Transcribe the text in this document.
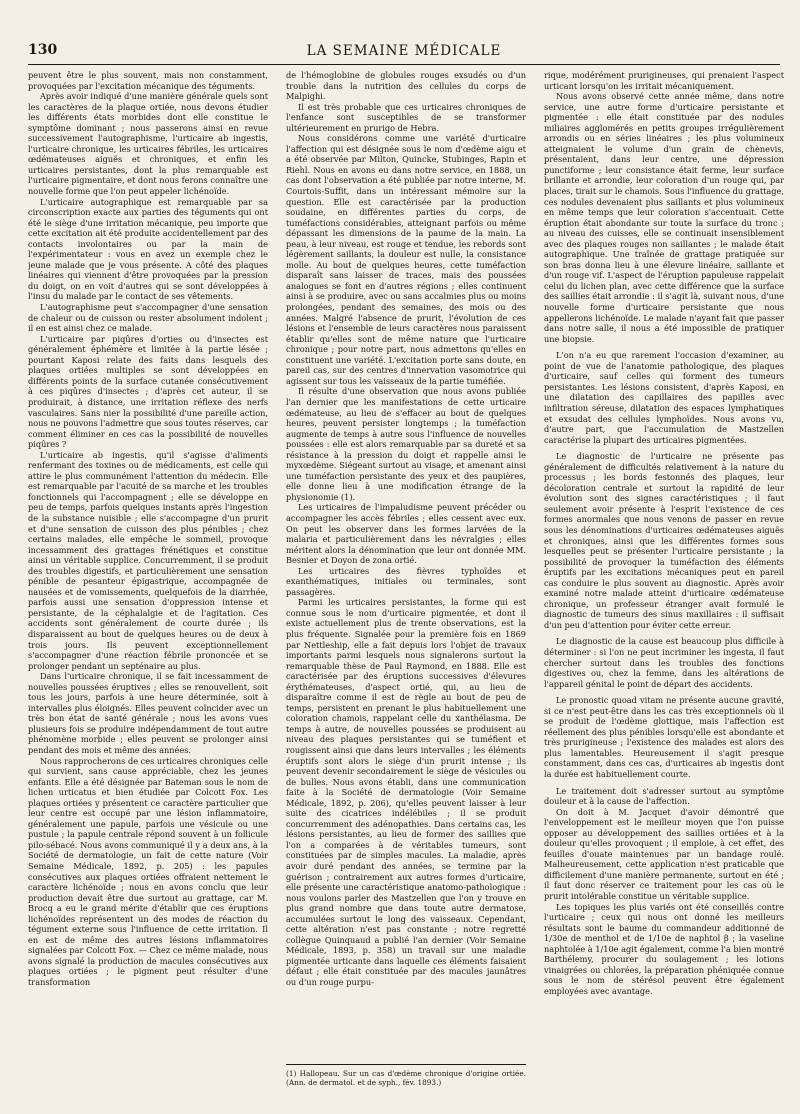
130	LA SEMAINE MÉDICALE

peuvent être le plus souvent, mais non constamment, provoquées par l'excitation mécanique des téguments.

Après avoir indiqué d'une manière générale quels sont les caractères de la plaque ortiée, nous devons étudier les différents états morbides dont elle constitue le symptôme dominant ; nous passerons ainsi en revue successivement l'autographisme, l'urticaire ab ingestis, l'urticaire chronique, les urticaires fébriles, les urticaires œdémateuses aiguës et chroniques, et enfin les urticaires persistantes, dont la plus remarquable est l'urticaire pigmentaire, et dont nous ferons connaître une nouvelle forme que l'on peut appeler lichénoïde.

L'urticaire autographique est remarquable par sa circonscription exacte aux parties des téguments qui ont été le siège d'une irritation mécanique, peu importe que cette excitation ait été produite accidentellement par des contacts involontaires ou par la main de l'expérimentateur : vous en avez un exemple chez le jeune malade que je vous présente. A côté des plaques linéaires qui viennent d'être provoquées par la pression du doigt, on en voit d'autres qui se sont développées à l'insu du malade par le contact de ses vêtements.

L'autographisme peut s'accompagner d'une sensation de chaleur ou de cuisson ou rester absolument indolent ; il en est ainsi chez ce malade.

L'urticaire par piqûres d'orties ou d'insectes est généralement éphémère et limitée à la partie lésée ; pourtant Kaposi relate des faits dans lesquels des plaques ortiées multiples se sont développées en différents points de la surface cutanée consécutivement à ces piqûres d'insectes ; d'après cet auteur, il se produirait, à distance, une irritation réflexe des nerfs vasculaires. Sans nier la possibilité d'une pareille action, nous ne pouvons l'admettre que sous toutes réserves, car comment éliminer en ces cas la possibilité de nouvelles piqûres ?

L'urticaire ab ingestis, qu'il s'agisse d'aliments renfermant des toxines ou de médicaments, est celle qui attire le plus communément l'attention du médecin. Elle est remarquable par l'acuité de sa marche et les troubles fonctionnels qui l'accompagnent ; elle se développe en peu de temps, parfois quelques instants après l'ingestion de la substance nuisible ; elle s'accompagne d'un prurit et d'une sensation de cuisson des plus pénibles ; chez certains malades, elle empêche le sommeil, provoque incessamment des grattages frénétiques et constitue ainsi un véritable supplice. Concurremment, il se produit des troubles digestifs, et particulièrement une sensation pénible de pesanteur épigastrique, accompagnée de nausées et de vomissements, quelquefois de la diarrhée, parfois aussi une sensation d'oppression intense et persistante, de la céphalalgie et de l'agitation. Ces accidents sont généralement de courte durée ; ils disparaissent au bout de quelques heures ou de deux à trois jours. Ils peuvent exceptionnellement s'accompagner d'une réaction fébrile prononcée et se prolonger pendant un septénaire au plus.

Dans l'urticaire chronique, il se fait incessamment de nouvelles poussées éruptives ; elles se renouvellent, soit tous les jours, parfois à une heure déterminée, soit à intervalles plus éloignés. Elles peuvent coïncider avec un très bon état de santé générale ; nous les avons vues plusieurs fois se produire indépendamment de tout autre phénomène morbide ; elles peuvent se prolonger ainsi pendant des mois et même des années.

Nous rapprocherons de ces urticaires chroniques celle qui survient, sans cause appréciable, chez les jeunes enfants. Elle a été désignée par Bateman sous le nom de lichen urticatus et bien étudiée par Colcott Fox. Les plaques ortiées y présentent ce caractère particulier que leur centre est occupé par une lésion inflammatoire, généralement une papule, parfois une vésicule ou une pustule ; la papule centrale répond souvent à un follicule pilo-sébacé. Nous avons communiqué il y a deux ans, à la Société de dermatologie, un fait de cette nature (Voir Semaine Médicale, 1892, p. 205) : les papules consécutives aux plaques ortiées offraient nettement le caractère lichénoïde ; nous en avons conclu que leur production devait être due surtout au grattage, car M. Brocq a eu le grand mérite d'établir que ces éruptions lichénoïdes représentent un des modes de réaction du tégument externe sous l'influence de cette irritation. Il en est de même des autres lésions inflammatoires signalées par Colcott Fox. — Chez ce même malade, nous avons signalé la production de macules consécutives aux plaques ortiées ; le pigment peut résulter d'une transformation

de l'hémoglobine de globules rouges exsudés ou d'un trouble dans la nutrition des cellules du corps de Malpighi.

Il est très probable que ces urticaires chroniques de l'enfance sont susceptibles de se transformer ultérieurement en prurigo de Hebra.

Nous considérons comme une variété d'urticaire l'affection qui est désignée sous le nom d'œdème aigu et a été observée par Milton, Quincke, Stubinges, Rapin et Riehl. Nous en avons eu dans notre service, en 1888, un cas dont l'observation a été publiée par notre interne, M. Courtois-Suffit, dans un intéressant mémoire sur la question. Elle est caractérisée par la production soudaine, en différentes parties du corps, de tuméfactions considérables, atteignant parfois ou même dépassant les dimensions de la paume de la main. La peau, à leur niveau, est rouge et tendue, les rebords sont légèrement saillants, la douleur est nulle, la consistance molle. Au bout de quelques heures, cette tuméfaction disparaît sans laisser de traces, mais des poussées analogues se font en d'autres régions ; elles continuent ainsi à se produire, avec ou sans accalmies plus ou moins prolongées, pendant des semaines, des mois ou des années. Malgré l'absence de prurit, l'évolution de ces lésions et l'ensemble de leurs caractères nous paraissent établir qu'elles sont de même nature que l'urticaire chronique ; pour notre part, nous admettons qu'elles en constituent une variété. L'excitation porte sans doute, en pareil cas, sur des centres d'innervation vasomotrice qui agissent sur tous les vaisseaux de la partie tuméfiée.

Il résulte d'une observation que nous avons publiée l'an dernier que les manifestations de cette urticaire œdémateuse, au lieu de s'effacer au bout de quelques heures, peuvent persister longtemps ; la tuméfaction augmente de temps à autre sous l'influence de nouvelles poussées : elle est alors remarquable par sa dureté et sa résistance à la pression du doigt et rappelle ainsi le myxœdème. Siégeant surtout au visage, et amenant ainsi une tuméfaction persistante des yeux et des paupières, elle donne lieu à une modification étrange de la physionomie (1).

Les urticaires de l'impaludisme peuvent précéder ou accompagner les accès fébriles ; elles cessent avec eux. On peut les observer dans les formes larvées de la malaria et particulièrement dans les névralgies ; elles méritent alors la dénomination que leur ont donnée MM. Besnier et Doyon de zona ortié.

Les urticaires des fièvres typhoïdes et exanthématiques, initiales ou terminales, sont passagères.

Parmi les urticaires persistantes, la forme qui est connue sous le nom d'urticaire pigmentée, et dont il existe actuellement plus de trente observations, est la plus fréquente. Signalée pour la première fois en 1869 par Nettleship, elle a fait depuis lors l'objet de travaux importants parmi lesquels nous signalerons surtout la remarquable thèse de Paul Raymond, en 1888. Elle est caractérisée par des éruptions successives d'élevures érythémateuses, d'aspect ortié, qui, au lieu de disparaître comme il est de règle au bout de peu de temps, persistent en prenant le plus habituellement une coloration chamois, rappelant celle du xanthélasma. De temps à autre, de nouvelles poussées se produisent au niveau des plaques persistantes qui se tuméfient et rougissent ainsi que dans leurs intervalles ; les éléments éruptifs sont alors le siège d'un prurit intense ; ils peuvent devenir secondairement le siège de vésicules ou de bulles. Nous avons établi, dans une communication faite à la Société de dermatologie (Voir Semaine Médicale, 1892, p. 206), qu'elles peuvent laisser à leur suite des cicatrices indélébiles ; il se produit concurremment des adénopathies. Dans certains cas, les lésions persistantes, au lieu de former des saillies que l'on a comparées à de véritables tumeurs, sont constituées par de simples macules. La maladie, après avoir duré pendant des années, se termine par la guérison ; contrairement aux autres formes d'urticaire, elle présente une caractéristique anatomo-pathologique : nous voulons parler des Mastzellen que l'on y trouve en plus grand nombre que dans toute autre dermatose, accumulées surtout le long des vaisseaux. Cependant, cette altération n'est pas constante ; notre regretté collègue Quinquaud a publié l'an dernier (Voir Semaine Médicale, 1893, p. 358) un travail sur une maladie pigmentée urticante dans laquelle ces éléments faisaient défaut ; elle était constituée par des macules jaunâtres ou d'un rouge purpu-

(1) Hallopeau. Sur un cas d'œdème chronique d'origine ortiée. (Ann. de dermatol. et de syph., fév. 1893.)

rique, modérément prurigineuses, qui prenaient l'aspect urticant lorsqu'on les irritait mécaniquement.

Nous avons observé cette année même, dans notre service, une autre forme d'urticaire persistante et pigmentée : elle était constituée par des nodules miliaires agglomérés en petits groupes irrégulièrement arrondis ou en séries linéaires ; les plus volumineux atteignaient le volume d'un grain de chènevis, présentaient, dans leur centre, une dépression punctiforme ; leur consistance était ferme, leur surface brillante et arrondie, leur coloration d'un rouge qui, par places, tirait sur le chamois. Sous l'influence du grattage, ces nodules devenaient plus saillants et plus volumineux en même temps que leur coloration s'accentuait. Cette éruption était abondante sur toute la surface du tronc ; au niveau des cuisses, elle se continuait insensiblement avec des plaques rouges non saillantes ; le malade était autographique. Une traînée de grattage pratiquée sur son bras donna lieu à une élevure linéaire, saillante et d'un rouge vif. L'aspect de l'éruption papuleuse rappelait celui du lichen plan, avec cette différence que la surface des saillies était arrondie : il s'agit là, suivant nous, d'une nouvelle forme d'urticaire persistante que nous appellerons lichénoïde. Le malade n'ayant fait que passer dans notre salle, il nous a été impossible de pratiquer une biopsie.

L'on n'a eu que rarement l'occasion d'examiner, au point de vue de l'anatomie pathologique, des plaques d'urticaire, sauf celles qui forment des tumeurs persistantes. Les lésions consistent, d'après Kaposi, en une dilatation des capillaires des papilles avec infiltration séreuse, dilatation des espaces lymphatiques et exsudat des cellules lymphoïdes. Nous avons vu, d'autre part, que l'accumulation de Mastzellen caractérise la plupart des urticaires pigmentées.

Le diagnostic de l'urticaire ne présente pas généralement de difficultés relativement à la nature du processus ; les bords festonnés des plaques, leur décoloration centrale et surtout la rapidité de leur évolution sont des signes caractéristiques ; il faut seulement avoir présente à l'esprit l'existence de ces formes anormales que nous venons de passer en revue sous les dénominations d'urticaires œdémateuses aiguës et chroniques, ainsi que les différentes formes sous lesquelles peut se présenter l'urticaire persistante ; la possibilité de provoquer la tuméfaction des éléments éruptifs par les excitations mécaniques peut en pareil cas conduire le plus souvent au diagnostic. Après avoir examiné notre malade atteint d'urticaire œdémateuse chronique, un professeur étranger avait formulé le diagnostic de tumeurs des sinus maxillaires : il suffisait d'un peu d'attention pour éviter cette erreur.

Le diagnostic de la cause est beaucoup plus difficile à déterminer : si l'on ne peut incriminer les ingesta, il faut chercher surtout dans les troubles des fonctions digestives ou, chez la femme, dans les altérations de l'appareil génital le point de départ des accidents.

Le pronostic quoad vitam ne présente aucune gravité, si ce n'est peut-être dans les cas très exceptionnels où il se produit de l'œdème glottique, mais l'affection est réellement des plus pénibles lorsqu'elle est abondante et très prurigineuse ; l'existence des malades est alors des plus lamentables. Heureusement il s'agit presque constamment, dans ces cas, d'urticaires ab ingestis dont la durée est habituellement courte.

Le traitement doit s'adresser surtout au symptôme douleur et à la cause de l'affection.

On doit à M. Jacquet d'avoir démontré que l'enveloppement est le meilleur moyen que l'on puisse opposer au développement des saillies ortiées et à la douleur qu'elles provoquent ; il emploie, à cet effet, des feuilles d'ouate maintenues par un bandage roulé. Malheureusement, cette application n'est praticable que difficilement d'une manière permanente, surtout en été ; il faut donc réserver ce traitement pour les cas où le prurit intolérable constitue un véritable supplice.

Les topiques les plus variés ont été conseillés contre l'urticaire ; ceux qui nous ont donné les meilleurs résultats sont le baume du commandeur additionné de 1/30e de menthol et de 1/10e de naphtol β ; la vaseline naphtolée à 1/10e agit également, comme l'a bien montré Barthélemy, procurer du soulagement ; les lotions vinaigrées ou chlorées, la préparation phéniquée connue sous le nom de stérésol peuvent être également employées avec avantage.
